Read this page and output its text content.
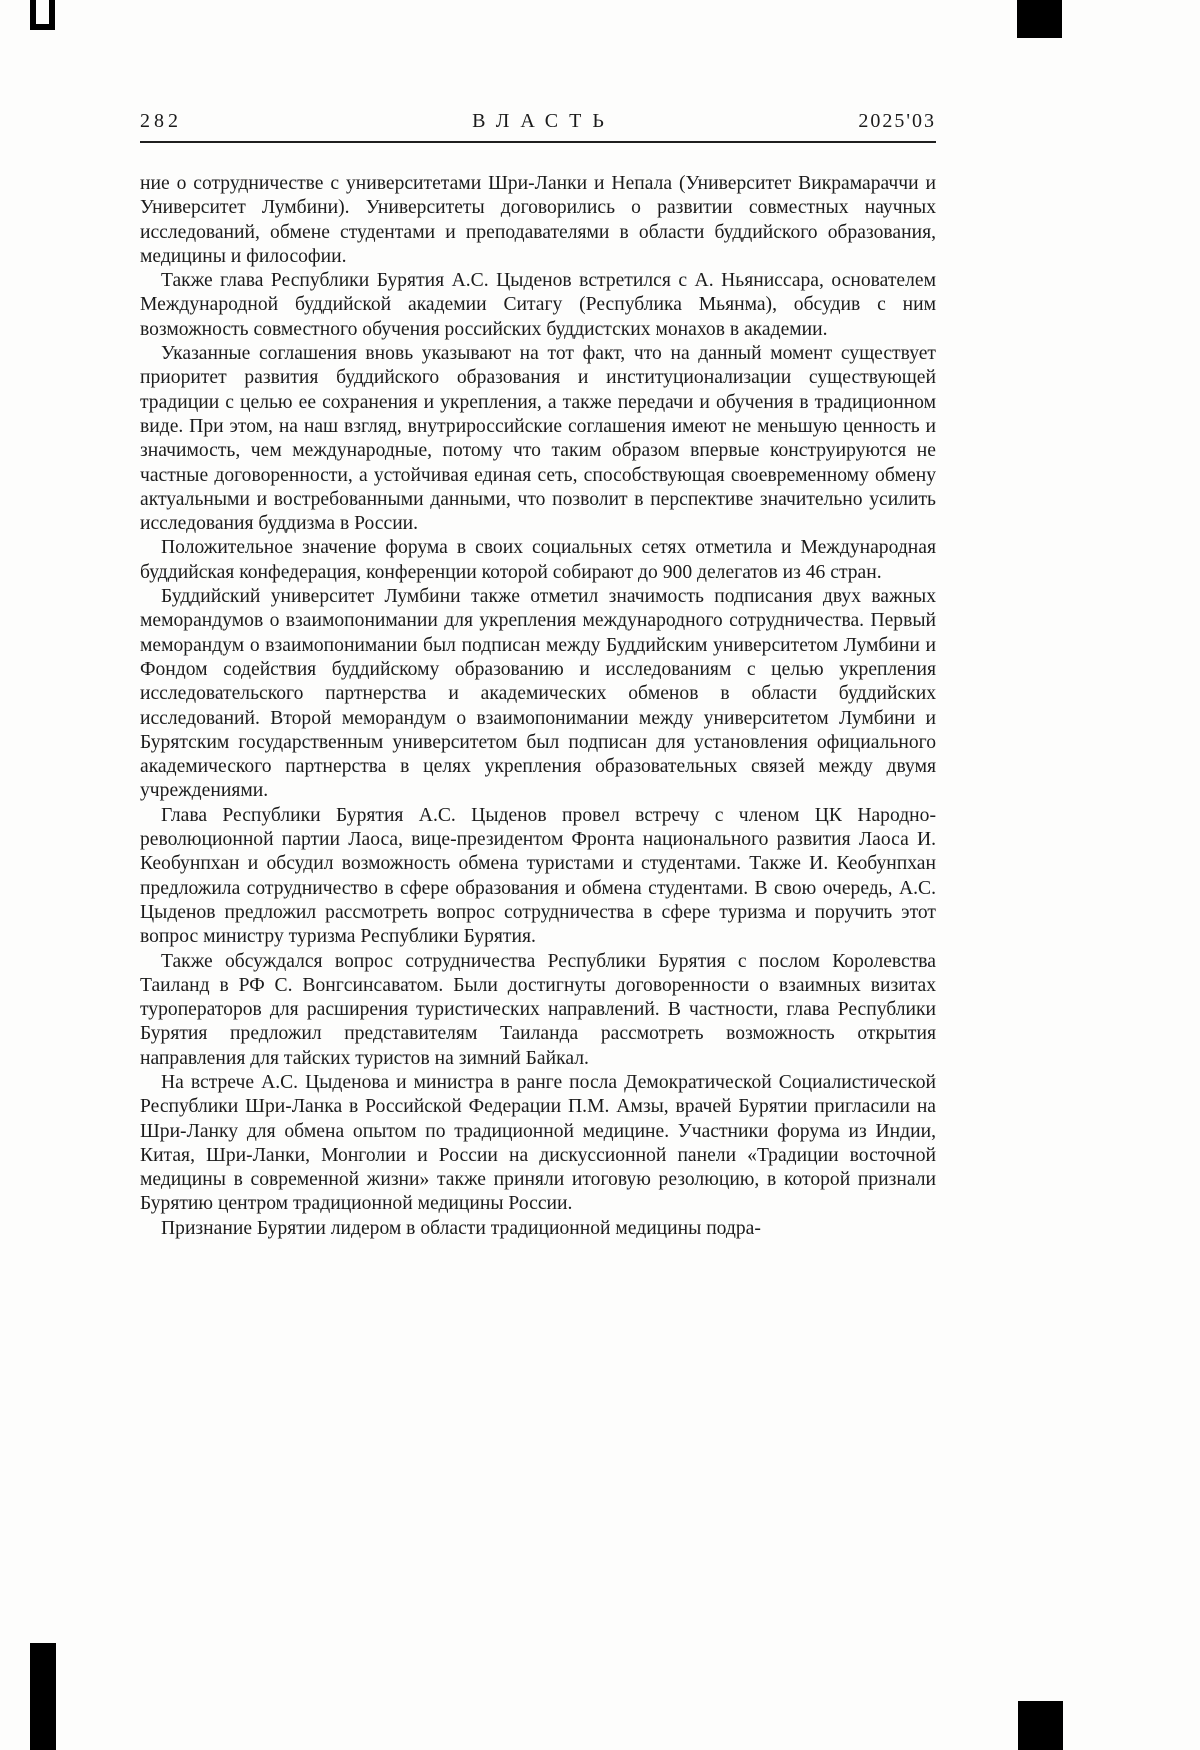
282	ВЛАСТЬ	2025'03

ние о сотрудничестве с университетами Шри-Ланки и Непала (Университет Викрамараччи и Университет Лумбини). Университеты договорились о развитии совместных научных исследований, обмене студентами и преподавателями в области буддийского образования, медицины и философии.

Также глава Республики Бурятия А.С. Цыденов встретился с А. Ньяниссара, основателем Международной буддийской академии Ситагу (Республика Мьянма), обсудив с ним возможность совместного обучения российских буддистских монахов в академии.

Указанные соглашения вновь указывают на тот факт, что на данный момент существует приоритет развития буддийского образования и институционализации существующей традиции с целью ее сохранения и укрепления, а также передачи и обучения в традиционном виде. При этом, на наш взгляд, внутрироссийские соглашения имеют не меньшую ценность и значимость, чем международные, потому что таким образом впервые конструируются не частные договоренности, а устойчивая единая сеть, способствующая своевременному обмену актуальными и востребованными данными, что позволит в перспективе значительно усилить исследования буддизма в России.

Положительное значение форума в своих социальных сетях отметила и Международная буддийская конфедерация, конференции которой собирают до 900 делегатов из 46 стран.

Буддийский университет Лумбини также отметил значимость подписания двух важных меморандумов о взаимопонимании для укрепления международного сотрудничества. Первый меморандум о взаимопонимании был подписан между Буддийским университетом Лумбини и Фондом содействия буддийскому образованию и исследованиям с целью укрепления исследовательского партнерства и академических обменов в области буддийских исследований. Второй меморандум о взаимопонимании между университетом Лумбини и Бурятским государственным университетом был подписан для установления официального академического партнерства в целях укрепления образовательных связей между двумя учреждениями.

Глава Республики Бурятия А.С. Цыденов провел встречу с членом ЦК Народно-революционной партии Лаоса, вице-президентом Фронта национального развития Лаоса И. Кеобунпхан и обсудил возможность обмена туристами и студентами. Также И. Кеобунпхан предложила сотрудничество в сфере образования и обмена студентами. В свою очередь, А.С. Цыденов предложил рассмотреть вопрос сотрудничества в сфере туризма и поручить этот вопрос министру туризма Республики Бурятия.

Также обсуждался вопрос сотрудничества Республики Бурятия с послом Королевства Таиланд в РФ С. Вонгсинсаватом. Были достигнуты договоренности о взаимных визитах туроператоров для расширения туристических направлений. В частности, глава Республики Бурятия предложил представителям Таиланда рассмотреть возможность открытия направления для тайских туристов на зимний Байкал.

На встрече А.С. Цыденова и министра в ранге посла Демократической Социалистической Республики Шри-Ланка в Российской Федерации П.М. Амзы, врачей Бурятии пригласили на Шри-Ланку для обмена опытом по традиционной медицине. Участники форума из Индии, Китая, Шри-Ланки, Монголии и России на дискуссионной панели «Традиции восточной медицины в современной жизни» также приняли итоговую резолюцию, в которой признали Бурятию центром традиционной медицины России.

Признание Бурятии лидером в области традиционной медицины подра-
